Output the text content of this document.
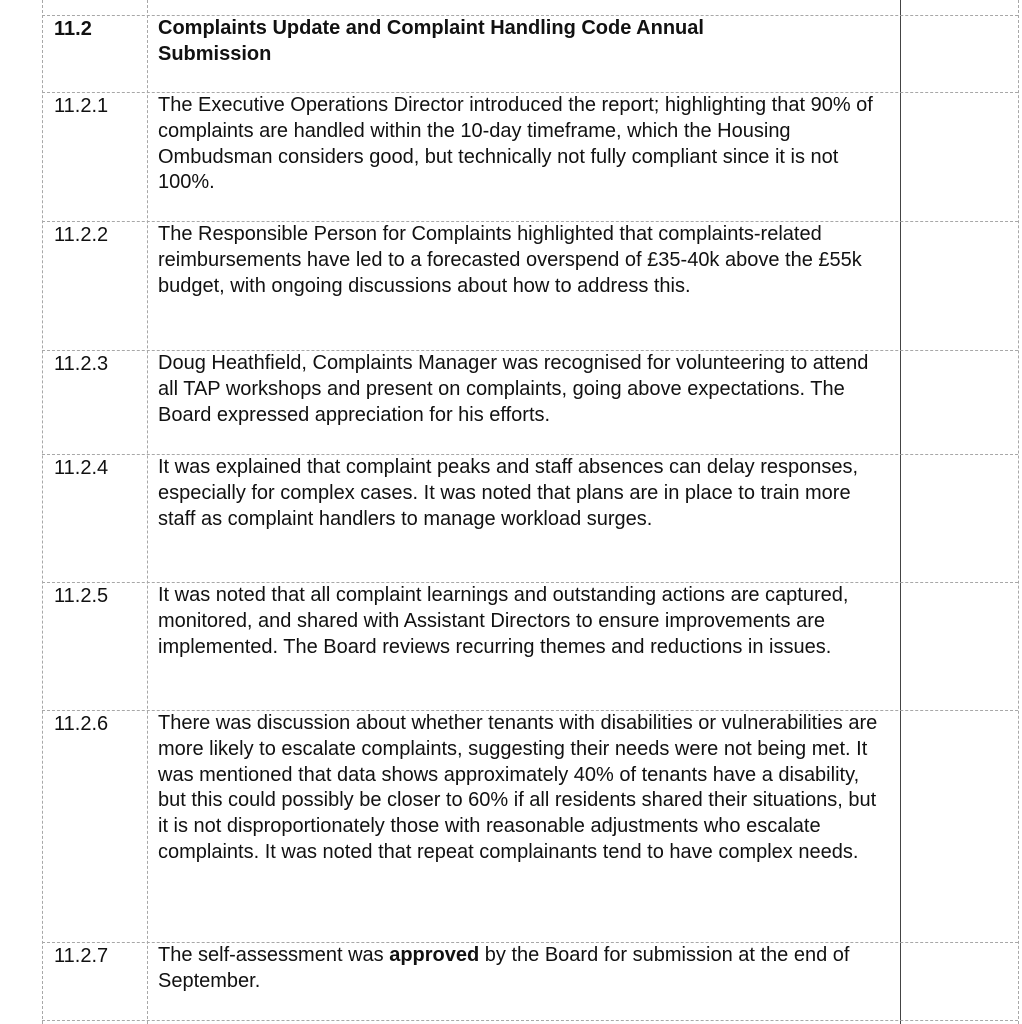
11.2	Complaints Update and Complaint Handling Code Annual Submission
11.2.1 The Executive Operations Director introduced the report; highlighting that 90% of complaints are handled within the 10-day timeframe, which the Housing Ombudsman considers good, but technically not fully compliant since it is not 100%.
11.2.2 The Responsible Person for Complaints highlighted that complaints-related reimbursements have led to a forecasted overspend of £35-40k above the £55k budget, with ongoing discussions about how to address this.
11.2.3 Doug Heathfield, Complaints Manager was recognised for volunteering to attend all TAP workshops and present on complaints, going above expectations. The Board expressed appreciation for his efforts.
11.2.4 It was explained that complaint peaks and staff absences can delay responses, especially for complex cases. It was noted that plans are in place to train more staff as complaint handlers to manage workload surges.
11.2.5 It was noted that all complaint learnings and outstanding actions are captured, monitored, and shared with Assistant Directors to ensure improvements are implemented. The Board reviews recurring themes and reductions in issues.
11.2.6 There was discussion about whether tenants with disabilities or vulnerabilities are more likely to escalate complaints, suggesting their needs were not being met. It was mentioned that data shows approximately 40% of tenants have a disability, but this could possibly be closer to 60% if all residents shared their situations, but it is not disproportionately those with reasonable adjustments who escalate complaints. It was noted that repeat complainants tend to have complex needs.
11.2.7 The self-assessment was approved by the Board for submission at the end of September.
